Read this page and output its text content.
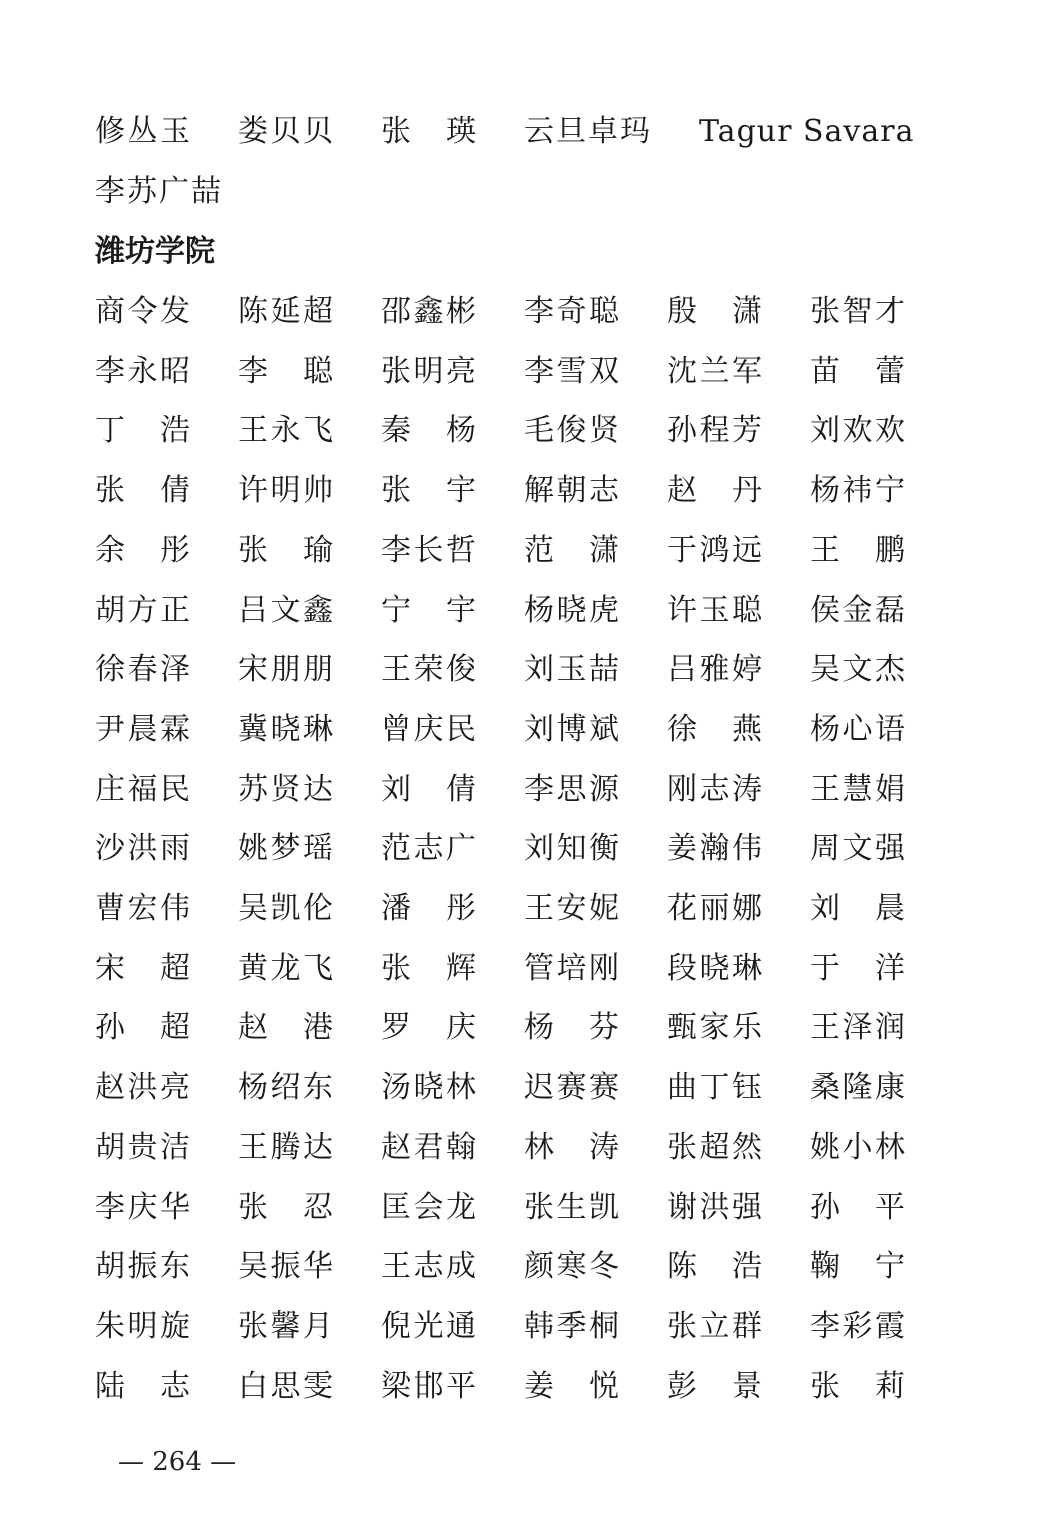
修 丛 玉 娄 贝 贝 张 瑛 云旦卓玛 Tagur Savara
李苏广喆
潍坊学院
商 令 发 陈 延 超 邵 鑫 彬 李 奇 聪 殷 潇 张 智 才
李 永 昭 李 聪 张 明 亮 李 雪 双 沈 兰 军 苗 蕾
丁 浩 王 永 飞 秦 杨 毛 俊 贤 孙 程 芳 刘 欢 欢
张 倩 许 明 帅 张 宇 解 朝 志 赵 丹 杨 祎 宁
余 彤 张 瑜 李 长 哲 范 潇 于 鸿 远 王 鹏
胡 方 正 吕 文 鑫 宁 宇 杨 晓 虎 许 玉 聪 侯 金 磊
徐 春 泽 宋 朋 朋 王 荣 俊 刘 玉 喆 吕 雅 婷 吴 文 杰
尹 晨 霖 冀 晓 琳 曾 庆 民 刘 博 斌 徐 燕 杨 心 语
庄 福 民 苏 贤 达 刘 倩 李 思 源 刚 志 涛 王 慧 娟
沙 洪 雨 姚 梦 瑶 范 志 广 刘 知 衡 姜 瀚 伟 周 文 强
曹 宏 伟 吴 凯 伦 潘 彤 王 安 妮 花 丽 娜 刘 晨
宋 超 黄 龙 飞 张 辉 管 培 刚 段 晓 琳 于 洋
孙 超 赵 港 罗 庆 杨 芬 甄 家 乐 王 泽 润
赵 洪 亮 杨 绍 东 汤 晓 林 迟 赛 赛 曲 丁 钰 桑 隆 康
胡 贵 洁 王 腾 达 赵 君 翰 林 涛 张 超 然 姚 小 林
李 庆 华 张 忍 匡 会 龙 张 生 凯 谢 洪 强 孙 平
胡 振 东 吴 振 华 王 志 成 颜 寒 冬 陈 浩 鞠 宁
朱 明 旋 张 馨 月 倪 光 通 韩 季 桐 张 立 群 李 彩 霞
陆 志 白 思 雯 梁 邯 平 姜 悦 彭 景 张 莉
— 264 —
